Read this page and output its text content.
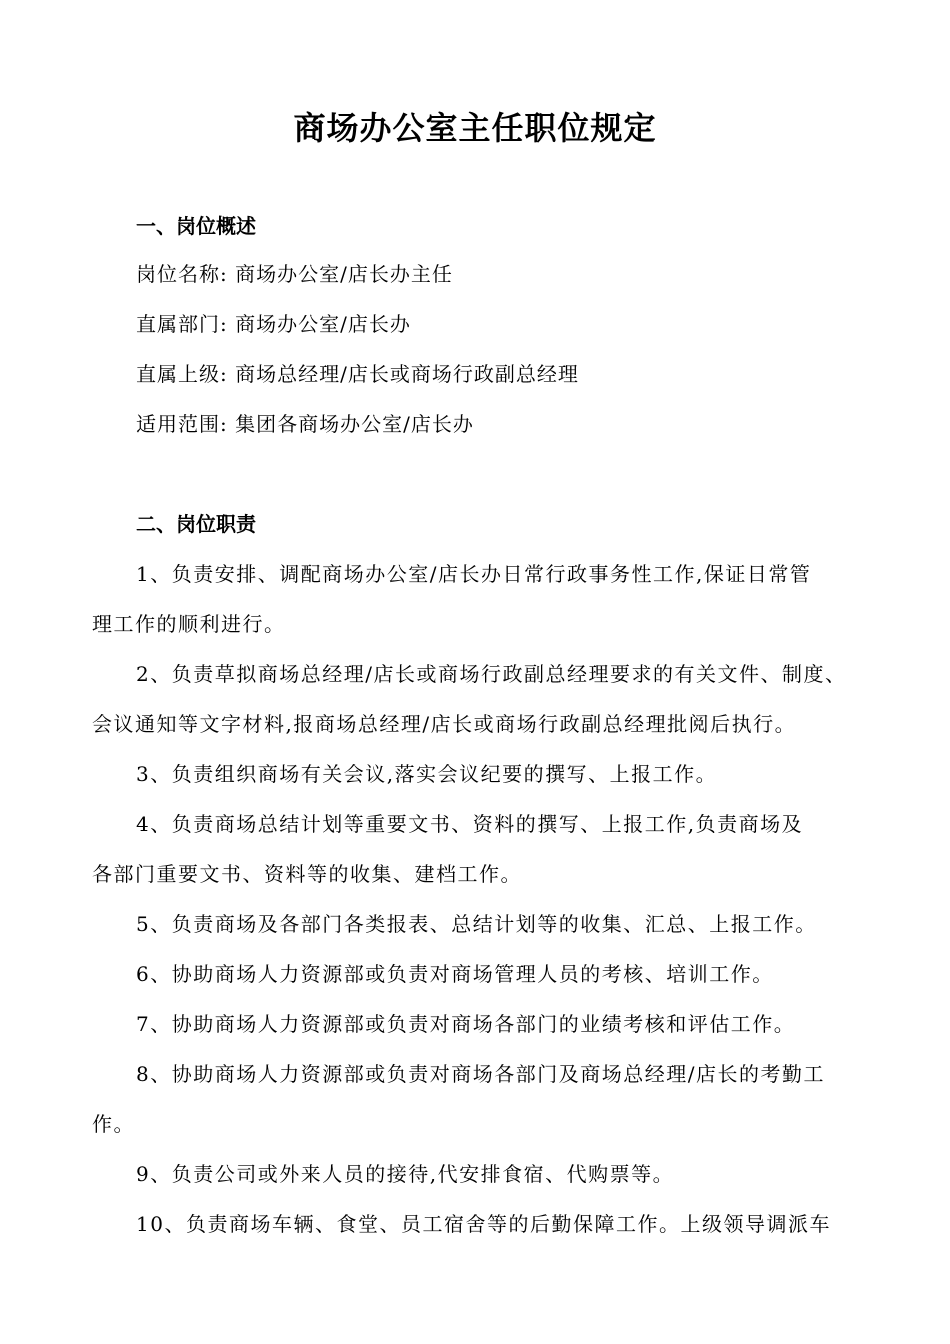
商场办公室主任职位规定
一、岗位概述
岗位名称: 商场办公室/店长办主任
直属部门: 商场办公室/店长办
直属上级: 商场总经理/店长或商场行政副总经理
适用范围: 集团各商场办公室/店长办
二、岗位职责
1、负责安排、调配商场办公室/店长办日常行政事务性工作,保证日常管
理工作的顺利进行。
2、负责草拟商场总经理/店长或商场行政副总经理要求的有关文件、制度、
会议通知等文字材料,报商场总经理/店长或商场行政副总经理批阅后执行。
3、负责组织商场有关会议,落实会议纪要的撰写、上报工作。
4、负责商场总结计划等重要文书、资料的撰写、上报工作,负责商场及
各部门重要文书、资料等的收集、建档工作。
5、负责商场及各部门各类报表、总结计划等的收集、汇总、上报工作。
6、协助商场人力资源部或负责对商场管理人员的考核、培训工作。
7、协助商场人力资源部或负责对商场各部门的业绩考核和评估工作。
8、协助商场人力资源部或负责对商场各部门及商场总经理/店长的考勤工
作。
9、负责公司或外来人员的接待,代安排食宿、代购票等。
10、负责商场车辆、食堂、员工宿舍等的后勤保障工作。上级领导调派车
